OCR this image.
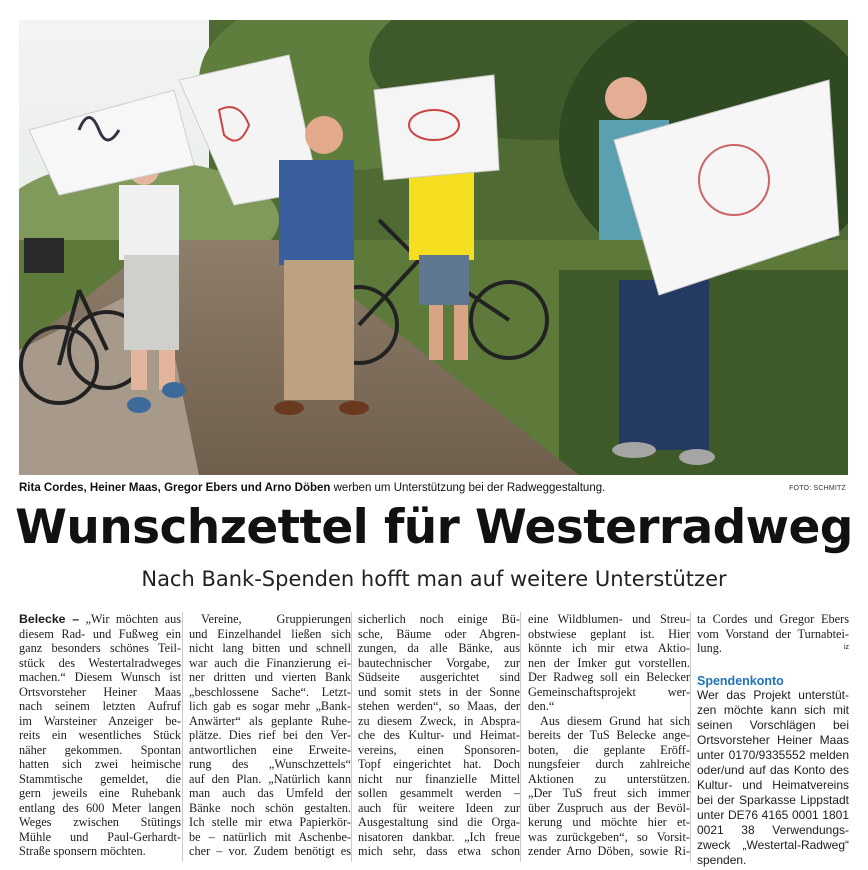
Rita Cordes, Heiner Maas, Gregor Ebers und Arno Döben werben um Unterstützung bei der Radweggestaltung.	FOTO: SCHMITZ
Wunschzettel für Westerradweg
Nach Bank-Spenden hofft man auf weitere Unterstützer
Belecke – „Wir möchten aus
diesem Rad- und Fußweg ein
ganz besonders schönes Teil-
stück des Westertalradweges
machen.“ Diesem Wunsch ist
Ortsvorsteher Heiner Maas
nach seinem letzten Aufruf
im Warsteiner Anzeiger be-
reits ein wesentliches Stück
näher gekommen. Spontan
hatten sich zwei heimische
Stammtische gemeldet, die
gern jeweils eine Ruhebank
entlang des 600 Meter langen
Weges zwischen Stütings
Mühle und Paul-Gerhardt-
Straße sponsern möchten.
Vereine, Gruppierungen
und Einzelhandel ließen sich
nicht lang bitten und schnell
war auch die Finanzierung ei-
ner dritten und vierten Bank
„beschlossene Sache“. Letzt-
lich gab es sogar mehr „Bank-
Anwärter“ als geplante Ruhe-
plätze. Dies rief bei den Ver-
antwortlichen eine Erweite-
rung des „Wunschzettels“
auf den Plan. „Natürlich kann
man auch das Umfeld der
Bänke noch schön gestalten.
Ich stelle mir etwa Papierkör-
be – natürlich mit Aschenbe-
cher – vor. Zudem benötigt es
sicherlich noch einige Bü-
sche, Bäume oder Abgren-
zungen, da alle Bänke, aus
bautechnischer Vorgabe, zur
Südseite ausgerichtet sind
und somit stets in der Sonne
stehen werden“, so Maas, der
zu diesem Zweck, in Abspra-
che des Kultur- und Heimat-
vereins, einen Sponsoren-
Topf eingerichtet hat. Doch
nicht nur finanzielle Mittel
sollen gesammelt werden –
auch für weitere Ideen zur
Ausgestaltung sind die Orga-
nisatoren dankbar. „Ich freue
mich sehr, dass etwa schon
eine Wildblumen- und Streu-
obstwiese geplant ist. Hier
könnte ich mir etwa Aktio-
nen der Imker gut vorstellen.
Der Radweg soll ein Belecker
Gemeinschaftsprojekt wer-
den.“
Aus diesem Grund hat sich
bereits der TuS Belecke ange-
boten, die geplante Eröff-
nungsfeier durch zahlreiche
Aktionen zu unterstützen.
„Der TuS freut sich immer
über Zuspruch aus der Bevöl-
kerung und möchte hier et-
was zurückgeben“, so Vorsit-
zender Arno Döben, sowie Ri-
ta Cordes und Gregor Ebers
vom Vorstand der Turnabtei-
lung.	iz
Spendenkonto
Wer das Projekt unterstüt-
zen möchte kann sich mit
seinen Vorschlägen bei
Ortsvorsteher Heiner Maas
unter 0170/9335552 melden
oder/und auf das Konto des
Kultur- und Heimatvereins
bei der Sparkasse Lippstadt
unter DE76 4165 0001 1801
0021 38 Verwendungs-
zweck „Westertal-Radweg“
spenden.
